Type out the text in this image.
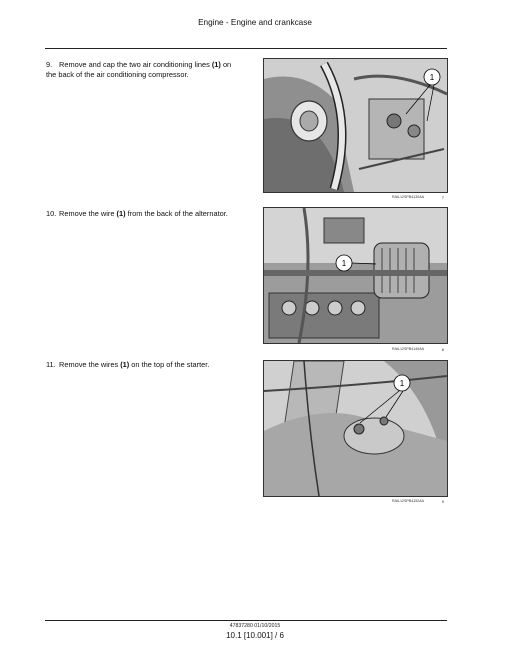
Engine - Engine and crankcase
9. Remove and cap the two air conditioning lines (1) on the back of the air conditioning compressor.	1
RAIL12SPB4130AA	7
10. Remove the wire (1) from the back of the alternator.
1
RAIL12SPB4149AA	8
11. Remove the wires (1) on the top of the starter.
1
RAIL12SPB4152AA	9
47837280 01/10/2015
10.1 [10.001] / 6
